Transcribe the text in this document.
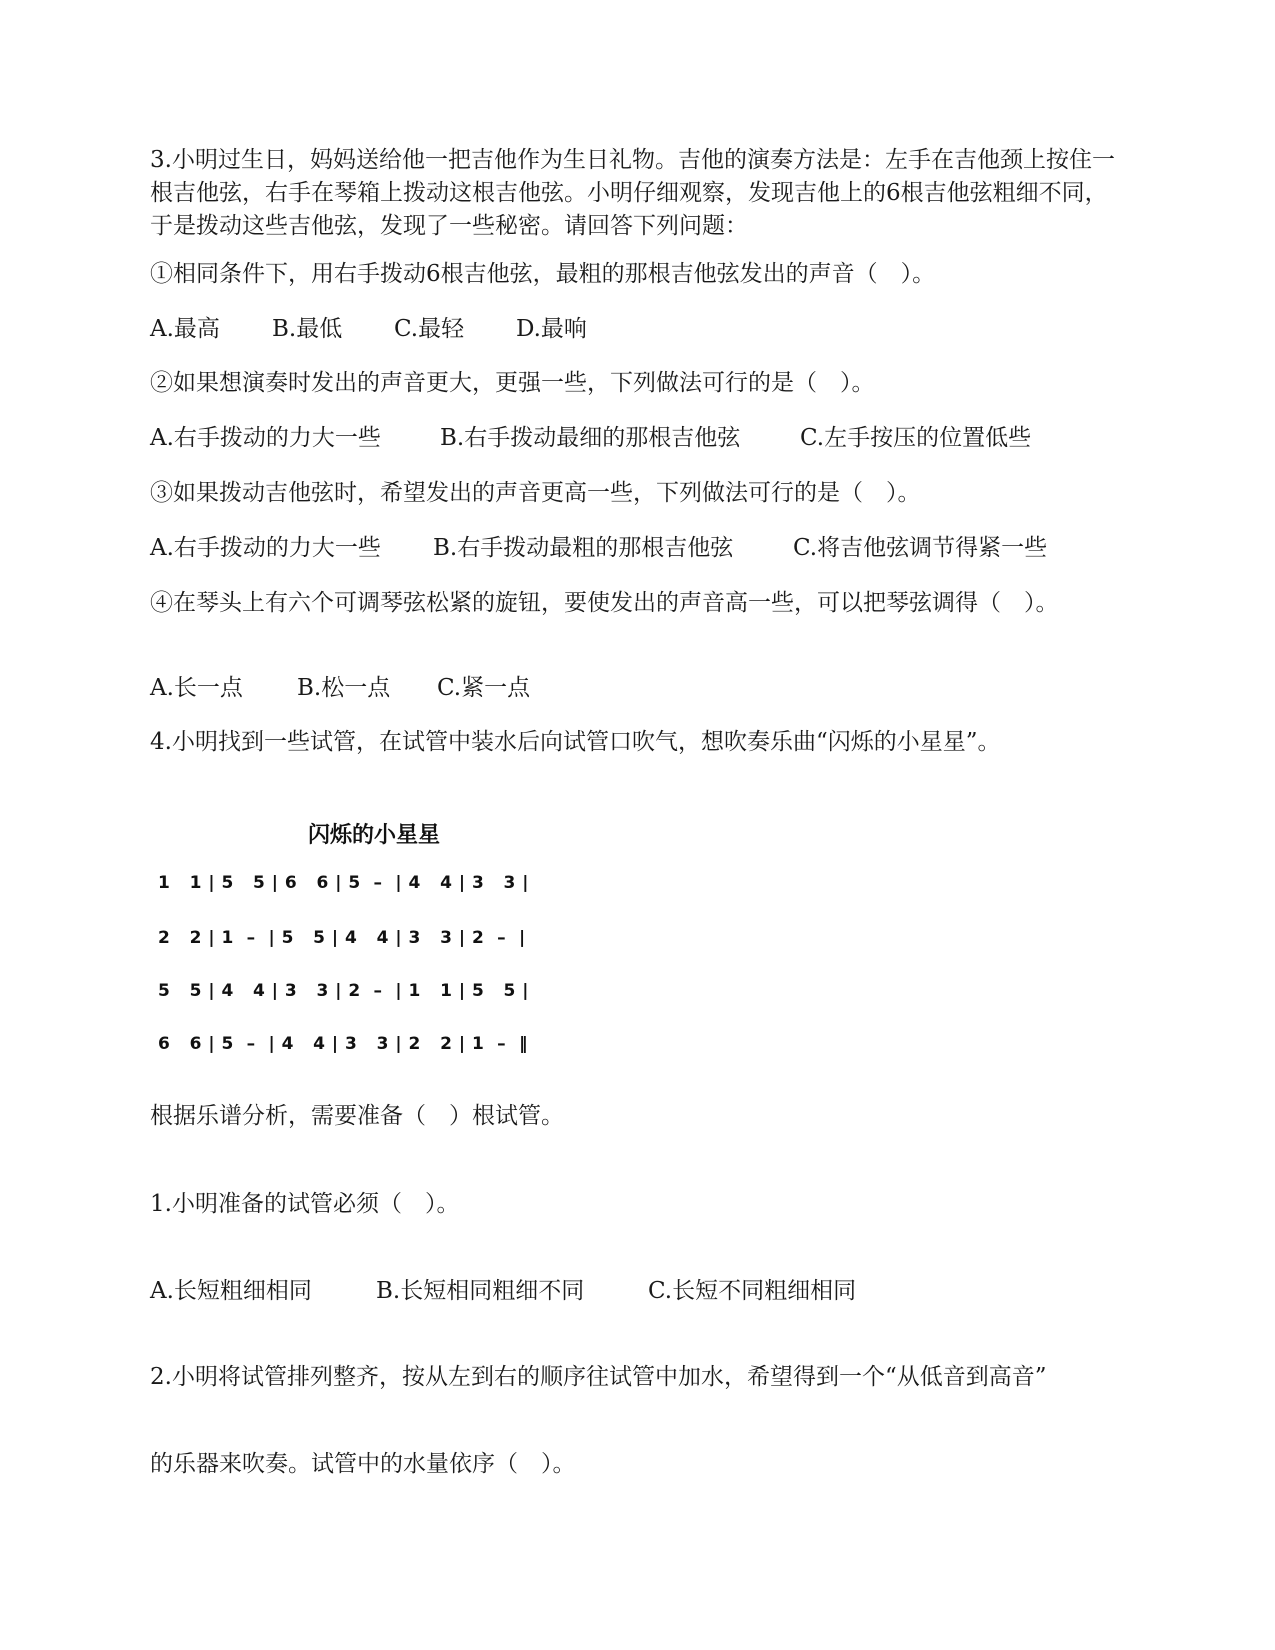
3.小明过生日，妈妈送给他一把吉他作为生日礼物。吉他的演奏方法是：左手在吉他颈上按住一根吉他弦，右手在琴箱上拨动这根吉他弦。小明仔细观察，发现吉他上的6根吉他弦粗细不同，于是拨动这些吉他弦，发现了一些秘密。请回答下列问题：

①相同条件下，用右手拨动6根吉他弦，最粗的那根吉他弦发出的声音（　）。

A.最高 B.最低 C.最轻 D.最响

②如果想演奏时发出的声音更大，更强一些，下列做法可行的是（　）。

A.右手拨动的力大一些	B.右手拨动最细的那根吉他弦	C.左手按压的位置低些

③如果拨动吉他弦时，希望发出的声音更高一些，下列做法可行的是（　）。

A.右手拨动的力大一些 B.右手拨动最粗的那根吉他弦	C.将吉他弦调节得紧一些

④在琴头上有六个可调琴弦松紧的旋钮，要使发出的声音高一些，可以把琴弦调得（　）。

A.长一点 B.松一点 C.紧一点

4.小明找到一些试管，在试管中装水后向试管口吹气，想吹奏乐曲“闪烁的小星星”。

闪烁的小星星
1   1 | 5   5 | 6   6 | 5  –  | 4   4 | 3   3 |
2   2 | 1  –  | 5   5 | 4   4 | 3   3 | 2  –  |
5   5 | 4   4 | 3   3 | 2  –  | 1   1 | 5   5 |
6   6 | 5  –  | 4   4 | 3   3 | 2   2 | 1  –  ‖

根据乐谱分析，需要准备（　）根试管。

1.小明准备的试管必须（　）。

A.长短粗细相同	B.长短相同粗细不同	C.长短不同粗细相同

2.小明将试管排列整齐，按从左到右的顺序往试管中加水，希望得到一个“从低音到高音”

的乐器来吹奏。试管中的水量依序（　）。
